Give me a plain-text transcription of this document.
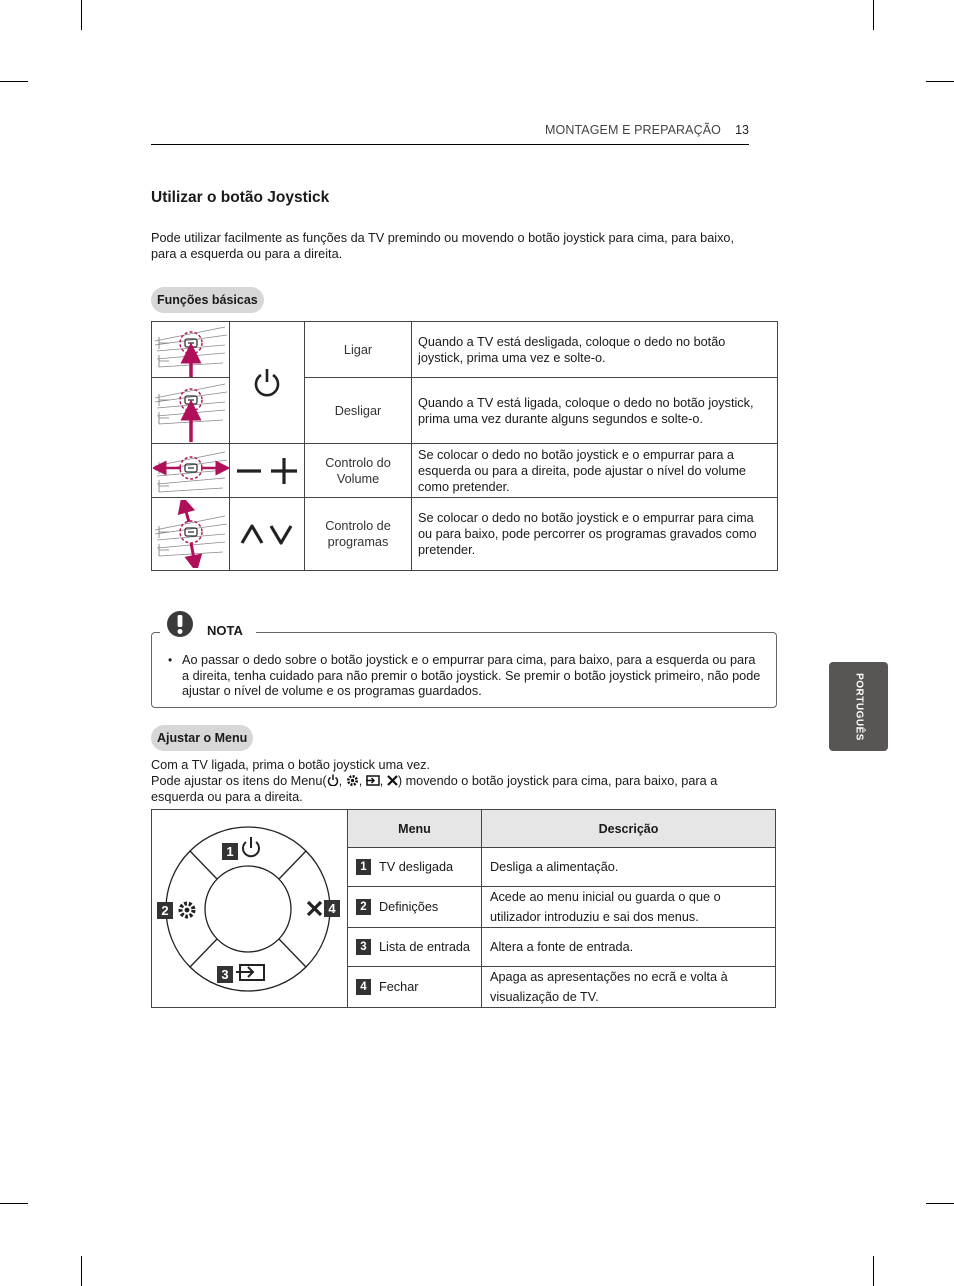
MONTAGEM E PREPARAÇÃO 13
Utilizar o botão Joystick

Pode utilizar facilmente as funções da TV premindo ou movendo o botão joystick para cima, para baixo,
para a esquerda ou para a direita.

Funções básicas

	Ligar	Quando a TV está desligada, coloque o dedo no botão joystick, prima uma vez e solte-o.

	Desligar	Quando a TV está ligada, coloque o dedo no botão joystick, prima uma vez durante alguns segundos e solte-o.

	Controlo do Volume	Se colocar o dedo no botão joystick e o empurrar para a esquerda ou para a direita, pode ajustar o nível do volume como pretender.

	Controlo de programas	Se colocar o dedo no botão joystick e o empurrar para cima ou para baixo, pode percorrer os programas gravados como pretender.
• Ao passar o dedo sobre o botão joystick e o empurrar para cima, para baixo, para a esquerda ou para a direita, tenha cuidado para não premir o botão joystick. Se premir o botão joystick primeiro, não pode ajustar o nível de volume e os programas guardados.
NOTA
Ajustar o Menu

Com a TV ligada, prima o botão joystick uma vez.
Pode ajustar os itens do Menu( , , , ) movendo o botão joystick para cima, para baixo, para a
esquerda ou para a direita.

1
2
3
4	Menu	Descrição
	1 TV desligada	Desliga a alimentação.
	2 Definições	Acede ao menu inicial ou guarda o que o utilizador introduziu e sai dos menus.
	3 Lista de entrada	Altera a fonte de entrada.
	4 Fechar	Apaga as apresentações no ecrã e volta à visualização de TV.
PORTUGUÊS
